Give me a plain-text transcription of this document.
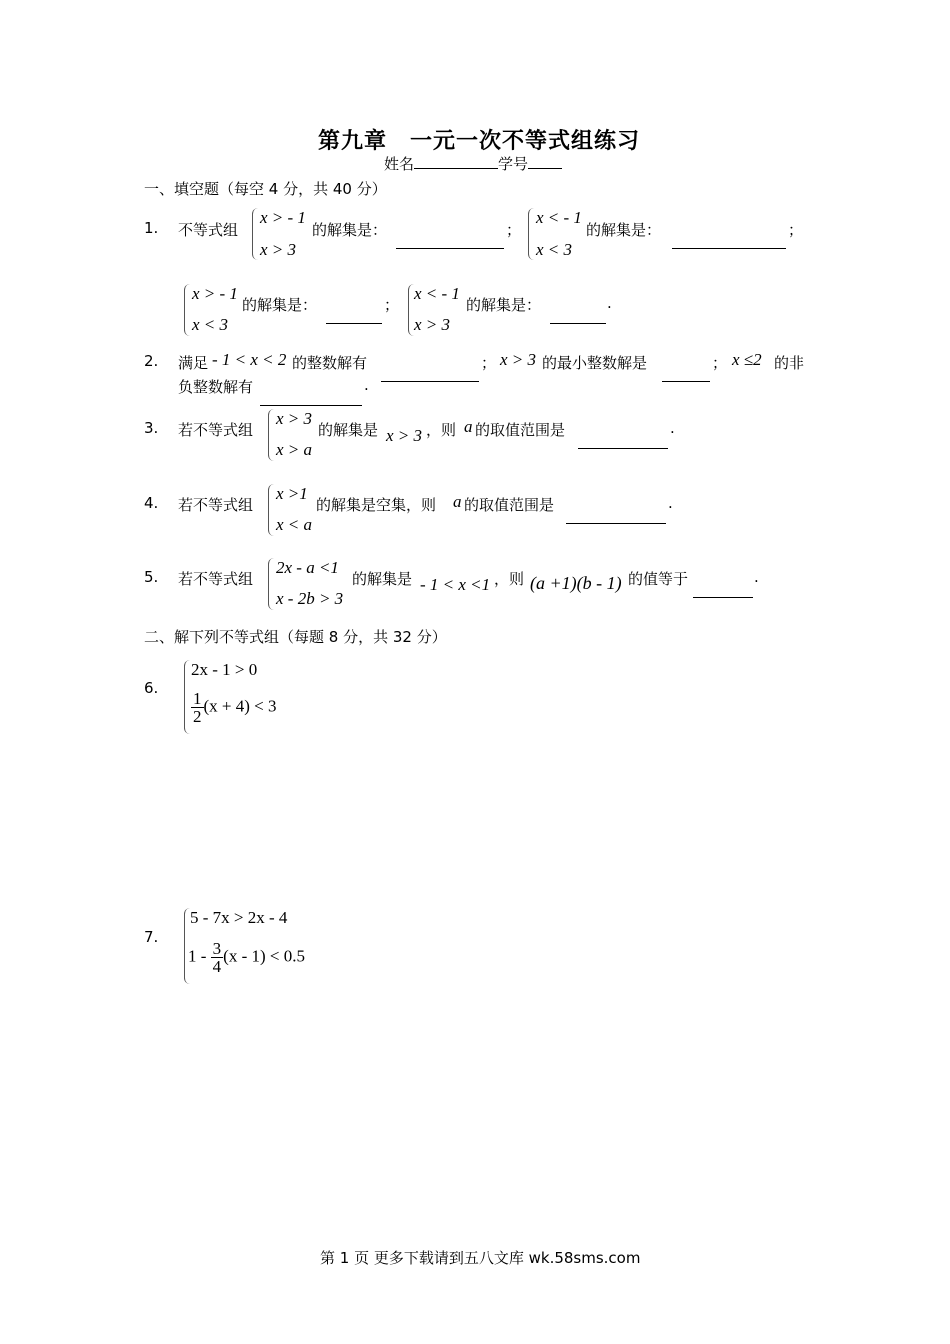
第九章　一元一次不等式组练习
姓名	学号
一、填空题（每空 4 分，共 40 分）
1. 不等式组
x > - 1
x > 3
的解集是：	；
x < - 1
x < 3
的解集是：	；
x > - 1
x < 3
的解集是：	；
x < - 1
x > 3
的解集是：	.
2. 满足 - 1 < x < 2 的整数解有	； x > 3 的最小整数解是	； x ≤2 的非
负整数解有	.
3. 若不等式组
x > 3
x > a
的解集是 x > 3 ，则 a 的取值范围是	.
4. 若不等式组
x >1
x < a
的解集是空集，则 a 的取值范围是	.
5. 若不等式组
2x - a <1
x - 2b > 3
的解集是 - 1 < x <1 ，则 (a +1)(b - 1) 的值等于	.
二、解下列不等式组（每题 8 分，共 32 分）
6.
2x - 1 > 0
$\frac{1}{2} (x + 4) < 3$
7.
5 - 7x > 2x - 4
$1 - \frac{3}{4} (x - 1) < 0.5$
第 1 页 更多下载请到五八文库 wk.58sms.com
